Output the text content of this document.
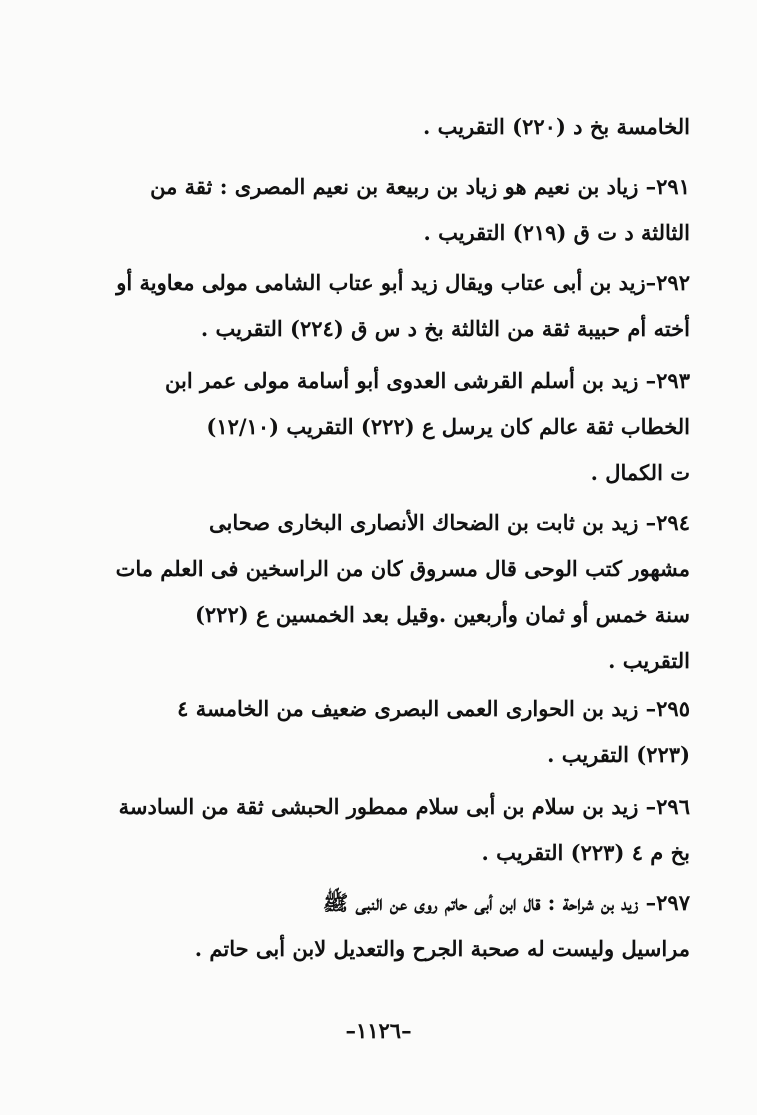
الخامسة بخ د (٢٢٠) التقريب .
٢٩١– زياد بن نعيم هو زياد بن ربيعة بن نعيم المصرى : ثقة من
الثالثة د ت ق (٢١٩) التقريب .
٢٩٢–زيد بن أبى عتاب ويقال زيد أبو عتاب الشامى مولى معاوية أو
أخته أم حبيبة ثقة من الثالثة بخ د س ق (٢٢٤) التقريب .
٢٩٣– زيد بن أسلم القرشى العدوى أبو أسامة مولى عمر ابن
الخطاب ثقة عالم كان يرسل ع (٢٢٢) التقريب (١٢/١٠)
ت الكمال .
٢٩٤– زيد بن ثابت بن الضحاك الأنصارى البخارى صحابى
مشهور كتب الوحى قال مسروق كان من الراسخين فى العلم مات
سنة خمس أو ثمان وأربعين .وقيل بعد الخمسين ع (٢٢٢)
التقريب .
٢٩٥– زيد بن الحوارى العمى البصرى ضعيف من الخامسة ٤
(٢٢٣) التقريب .
٢٩٦– زيد بن سلام بن أبى سلام ممطور الحبشى ثقة من السادسة
بخ م ٤ (٢٢٣) التقريب .
٢٩٧– زيد بن شراحة : قال ابن أبى حاتم روى عن النبى ﷺ
مراسيل وليست له صحبة الجرح والتعديل لابن أبى حاتم .
–١١٢٦–
